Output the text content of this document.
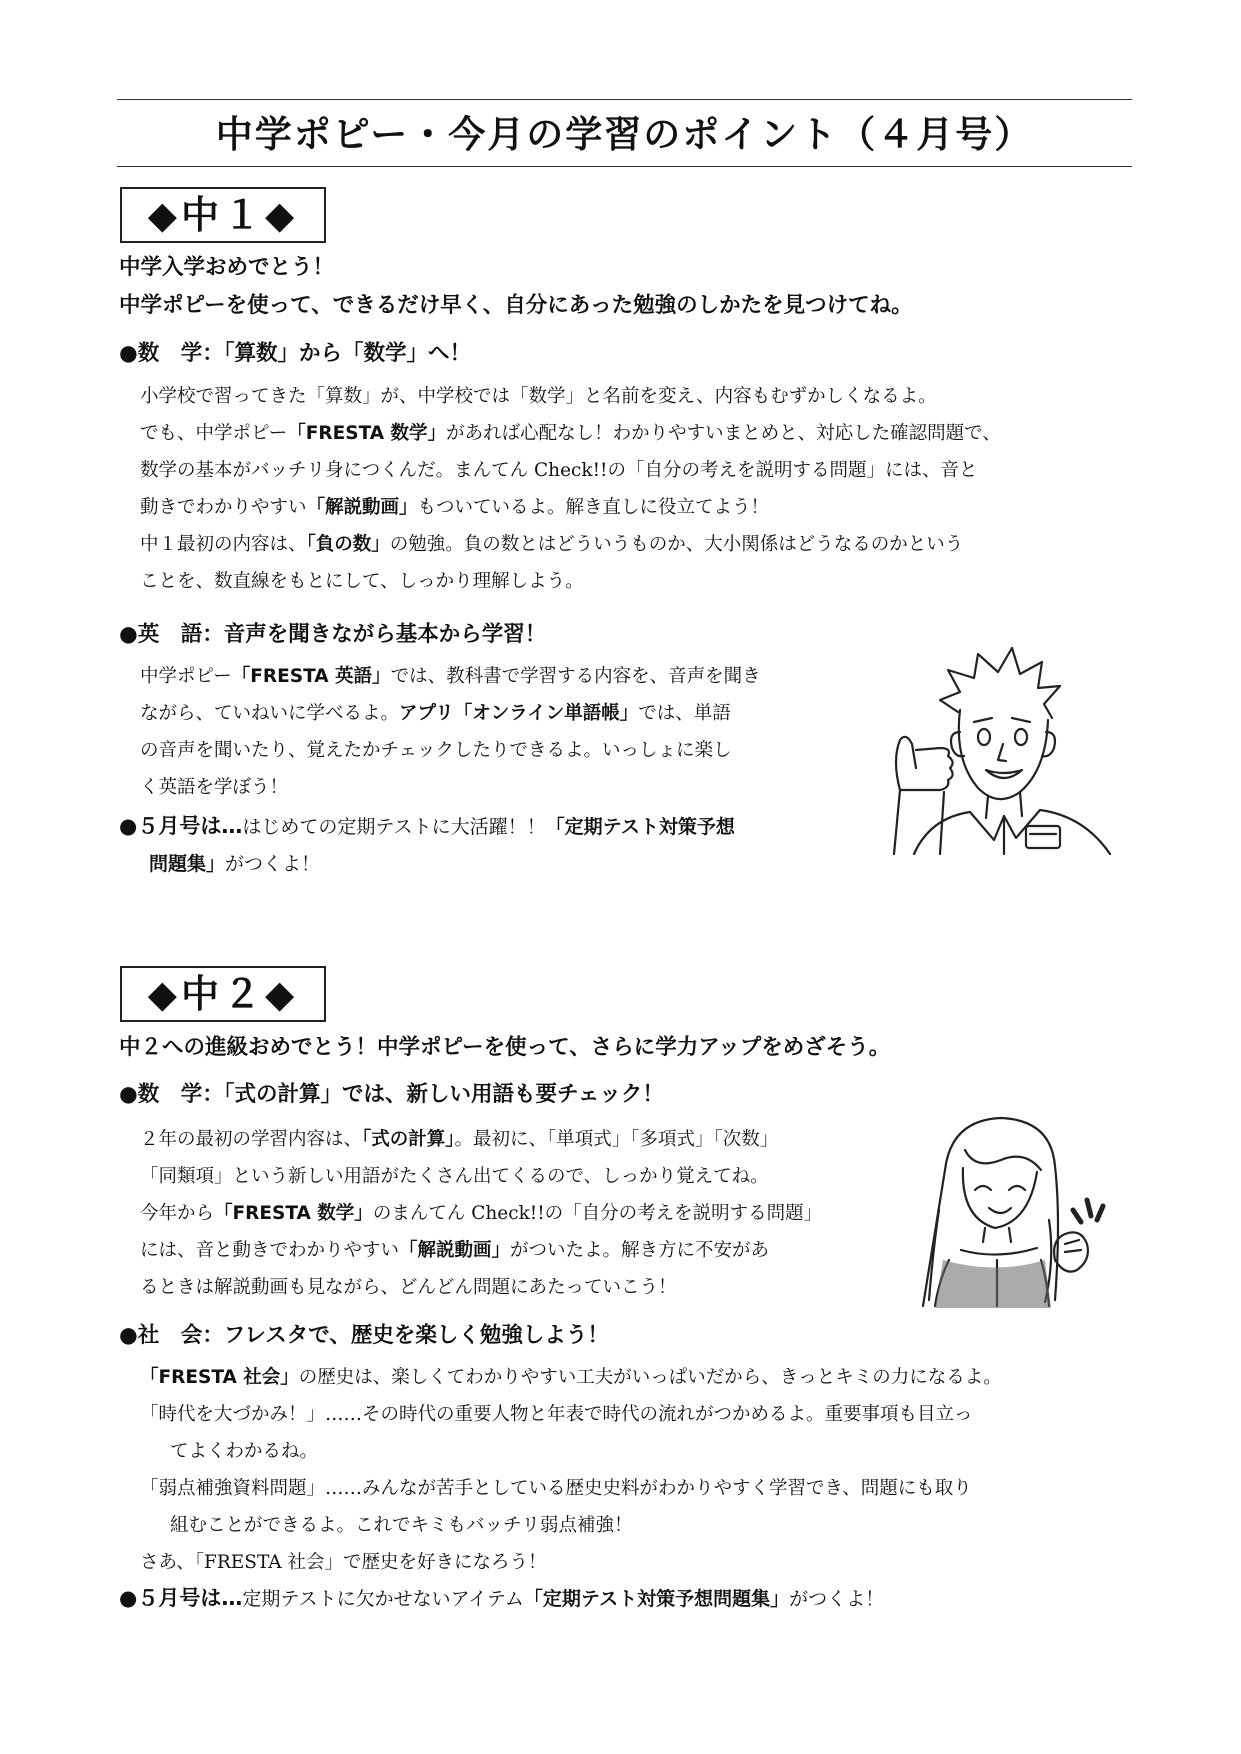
中学ポピー・今月の学習のポイント（４月号）
◆中１◆
中学入学おめでとう！
中学ポピーを使って、できるだけ早く、自分にあった勉強のしかたを見つけてね。
●数　学：「算数」から「数学」へ！
小学校で習ってきた「算数」が、中学校では「数学」と名前を変え、内容もむずかしくなるよ。
でも、中学ポピー「FRESTA 数学」があれば心配なし！わかりやすいまとめと、対応した確認問題で、
数学の基本がバッチリ身につくんだ。まんてん Check!!の「自分の考えを説明する問題」には、音と
動きでわかりやすい「解説動画」もついているよ。解き直しに役立てよう！
中１最初の内容は、「負の数」の勉強。負の数とはどういうものか、大小関係はどうなるのかという
ことを、数直線をもとにして、しっかり理解しよう。
●英　語：音声を聞きながら基本から学習！
中学ポピー「FRESTA 英語」では、教科書で学習する内容を、音声を聞き
ながら、ていねいに学べるよ。アプリ「オンライン単語帳」では、単語
の音声を聞いたり、覚えたかチェックしたりできるよ。いっしょに楽し
く英語を学ぼう！
●５月号は…はじめての定期テストに大活躍！！「定期テスト対策予想
問題集」がつくよ！
◆中２◆
中２への進級おめでとう！中学ポピーを使って、さらに学力アップをめざそう。
●数　学：「式の計算」では、新しい用語も要チェック！
２年の最初の学習内容は、「式の計算」。最初に、「単項式」「多項式」「次数」
「同類項」という新しい用語がたくさん出てくるので、しっかり覚えてね。
今年から「FRESTA 数学」のまんてん Check!!の「自分の考えを説明する問題」
には、音と動きでわかりやすい「解説動画」がついたよ。解き方に不安があ
るときは解説動画も見ながら、どんどん問題にあたっていこう！
●社　会：フレスタで、歴史を楽しく勉強しよう！
「FRESTA 社会」の歴史は、楽しくてわかりやすい工夫がいっぱいだから、きっとキミの力になるよ。
「時代を大づかみ！」……その時代の重要人物と年表で時代の流れがつかめるよ。重要事項も目立っ
てよくわかるね。
「弱点補強資料問題」……みんなが苦手としている歴史史料がわかりやすく学習でき、問題にも取り
組むことができるよ。これでキミもバッチリ弱点補強！
さあ、「FRESTA 社会」で歴史を好きになろう！
●５月号は…定期テストに欠かせないアイテム「定期テスト対策予想問題集」がつくよ！
